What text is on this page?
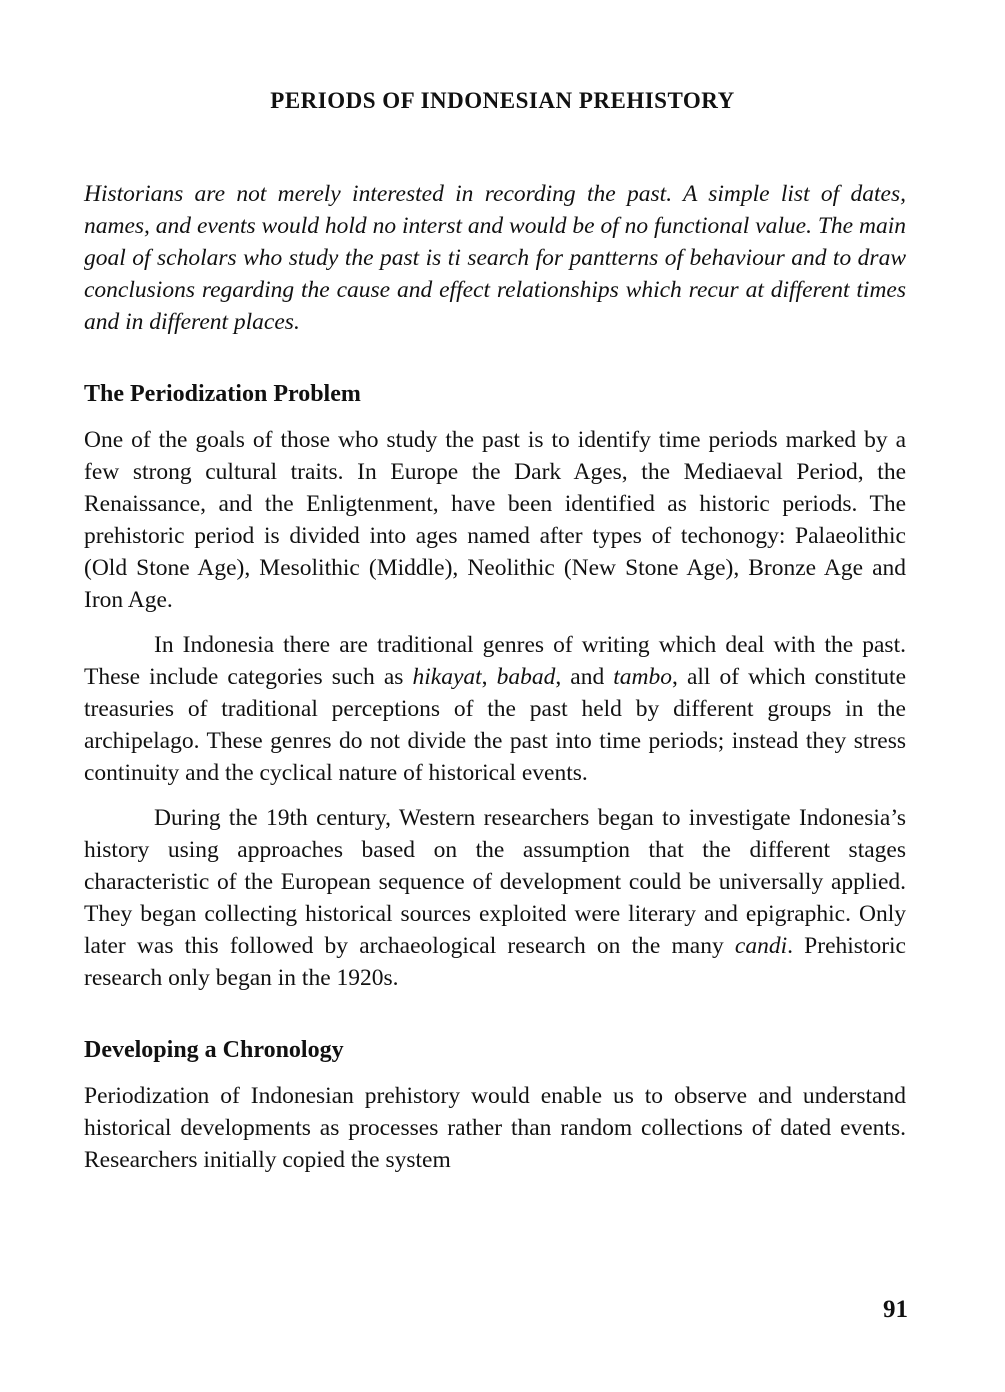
PERIODS OF INDONESIAN PREHISTORY

Historians are not merely interested in recording the past. A simple list of dates, names, and events would hold no interst and would be of no functional value. The main goal of scholars who study the past is ti search for pantterns of behaviour and to draw conclusions regarding the cause and effect relationships which recur at different times and in different places.

The Periodization Problem

One of the goals of those who study the past is to identify time periods marked by a few strong cultural traits. In Europe the Dark Ages, the Mediaeval Period, the Renaissance, and the Enligtenment, have been identified as historic periods. The prehistoric period is divided into ages named after types of techonogy: Palaeolithic (Old Stone Age), Mesolithic (Middle), Neolithic (New Stone Age), Bronze Age and Iron Age.

In Indonesia there are traditional genres of writing which deal with the past. These include categories such as hikayat, babad, and tambo, all of which constitute treasuries of traditional perceptions of the past held by different groups in the archipelago. These genres do not divide the past into time periods; instead they stress continuity and the cyclical nature of historical events.

During the 19th century, Western researchers began to investigate Indonesia’s history using approaches based on the assumption that the different stages characteristic of the European sequence of development could be universally applied. They began collecting historical sources exploited were literary and epigraphic. Only later was this followed by archaeological research on the many candi. Prehistoric research only began in the 1920s.

Developing a Chronology

Periodization of Indonesian prehistory would enable us to observe and understand historical developments as processes rather than random collections of dated events. Researchers initially copied the system

91
